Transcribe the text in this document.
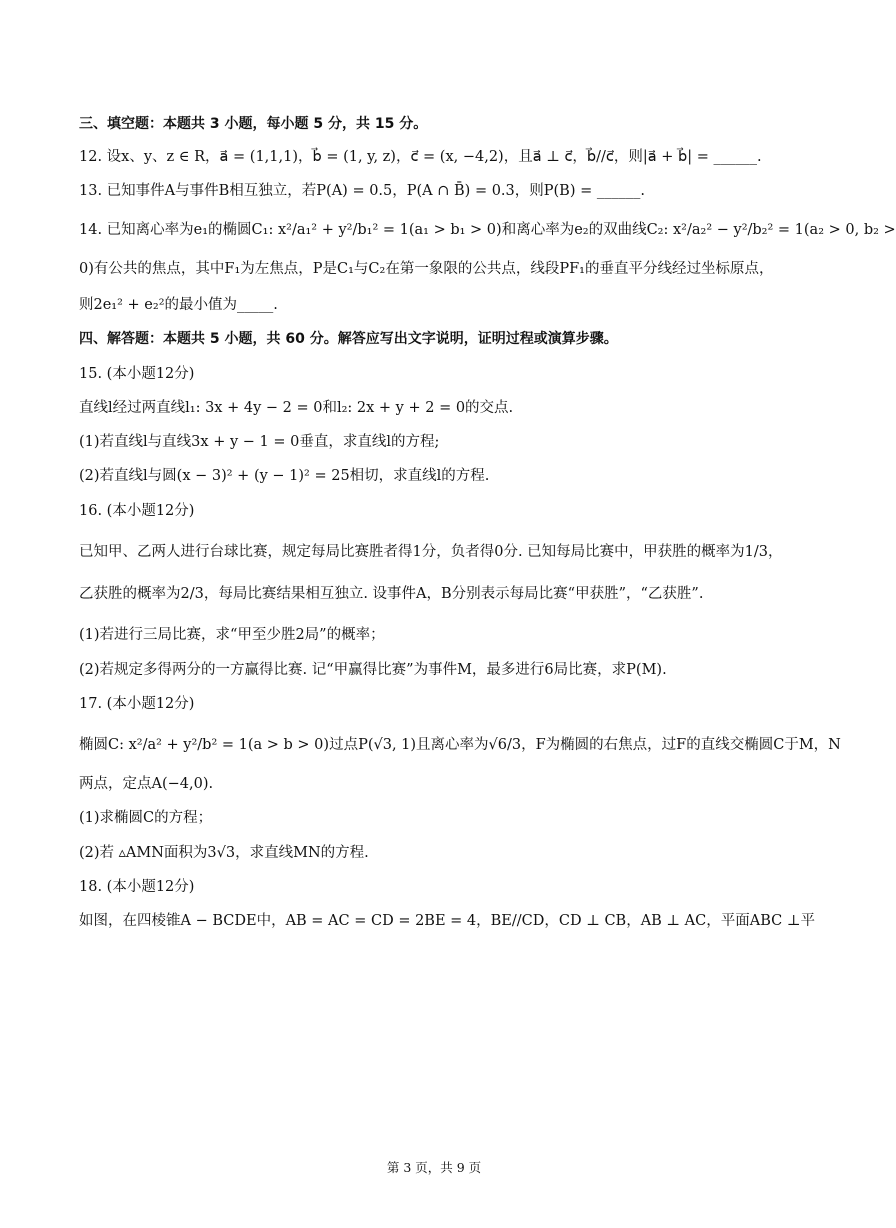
三、填空题：本题共 3 小题，每小题 5 分，共 15 分。
12. 设x、y、z ∈ R，a⃗ = (1,1,1)，b⃗ = (1, y, z)，c⃗ = (x, −4,2)，且a⃗ ⊥ c⃗，b⃗//c⃗，则|a⃗ + b⃗| = ______.
13. 已知事件A与事件B相互独立，若P(A) = 0.5，P(A ∩ B̄) = 0.3，则P(B) = ______.
14. 已知离心率为e₁的椭圆C₁: x²/a₁² + y²/b₁² = 1(a₁ > b₁ > 0)和离心率为e₂的双曲线C₂: x²/a₂² − y²/b₂² = 1(a₂ > 0, b₂ >
0)有公共的焦点，其中F₁为左焦点，P是C₁与C₂在第一象限的公共点，线段PF₁的垂直平分线经过坐标原点，
则2e₁² + e₂²的最小值为_____.
四、解答题：本题共 5 小题，共 60 分。解答应写出文字说明，证明过程或演算步骤。
15. (本小题12分)
直线l经过两直线l₁: 3x + 4y − 2 = 0和l₂: 2x + y + 2 = 0的交点.
(1)若直线l与直线3x + y − 1 = 0垂直，求直线l的方程;
(2)若直线l与圆(x − 3)² + (y − 1)² = 25相切，求直线l的方程.
16. (本小题12分)
已知甲、乙两人进行台球比赛，规定每局比赛胜者得1分，负者得0分. 已知每局比赛中，甲获胜的概率为1/3，
乙获胜的概率为2/3，每局比赛结果相互独立. 设事件A，B分别表示每局比赛“甲获胜”，“乙获胜”.
(1)若进行三局比赛，求“甲至少胜2局”的概率；
(2)若规定多得两分的一方赢得比赛. 记“甲赢得比赛”为事件M，最多进行6局比赛，求P(M).
17. (本小题12分)
椭圆C: x²/a² + y²/b² = 1(a > b > 0)过点P(√3, 1)且离心率为√6/3，F为椭圆的右焦点，过F的直线交椭圆C于M，N
两点，定点A(−4,0).
(1)求椭圆C的方程；
(2)若 ▵AMN面积为3√3，求直线MN的方程.
18. (本小题12分)
如图，在四棱锥A − BCDE中，AB = AC = CD = 2BE = 4，BE//CD，CD ⊥ CB，AB ⊥ AC，平面ABC ⊥平
第 3 页，共 9 页
